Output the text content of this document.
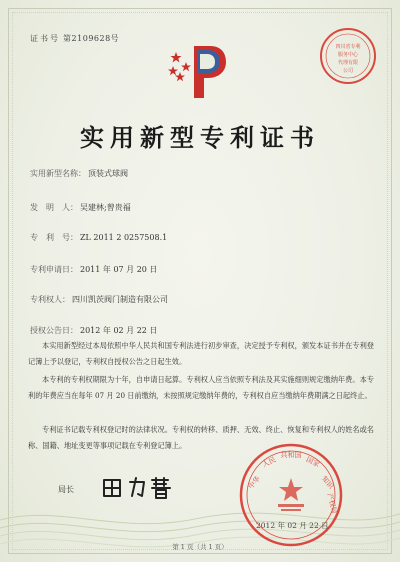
证书号 第2109628号
四川省专利
服务中心
代理有限
公司
实用新型专利证书
实用新型名称： 顶装式球阀
发　明　人： 吴建林;曾贵福
专　利　号： ZL 2011 2 0257508.1
专利申请日： 2011 年 07 月 20 日
专利权人： 四川凯茨阀门制造有限公司
授权公告日： 2012 年 02 月 22 日
本实用新型经过本局依照中华人民共和国专利法进行初步审查，决定授予专利权，颁发本证书并在专利登记簿上予以登记，专利权自授权公告之日起生效。
本专利的专利权期限为十年，自申请日起算。专利权人应当依照专利法及其实施细则规定缴纳年费。本专利的年费应当在每年 07 月 20 日前缴纳，未按照规定缴纳年费的，专利权自应当缴纳年费期满之日起终止。
专利证书记载专利权登记时的法律状况。专利权的转移、质押、无效、终止、恢复和专利权人的姓名或名称、国籍、地址变更等事项记载在专利登记簿上。
局长	中华
人民
共和国
国家
知识
产权局
2012 年 02 月 22 日
第 1 页（共 1 页）
